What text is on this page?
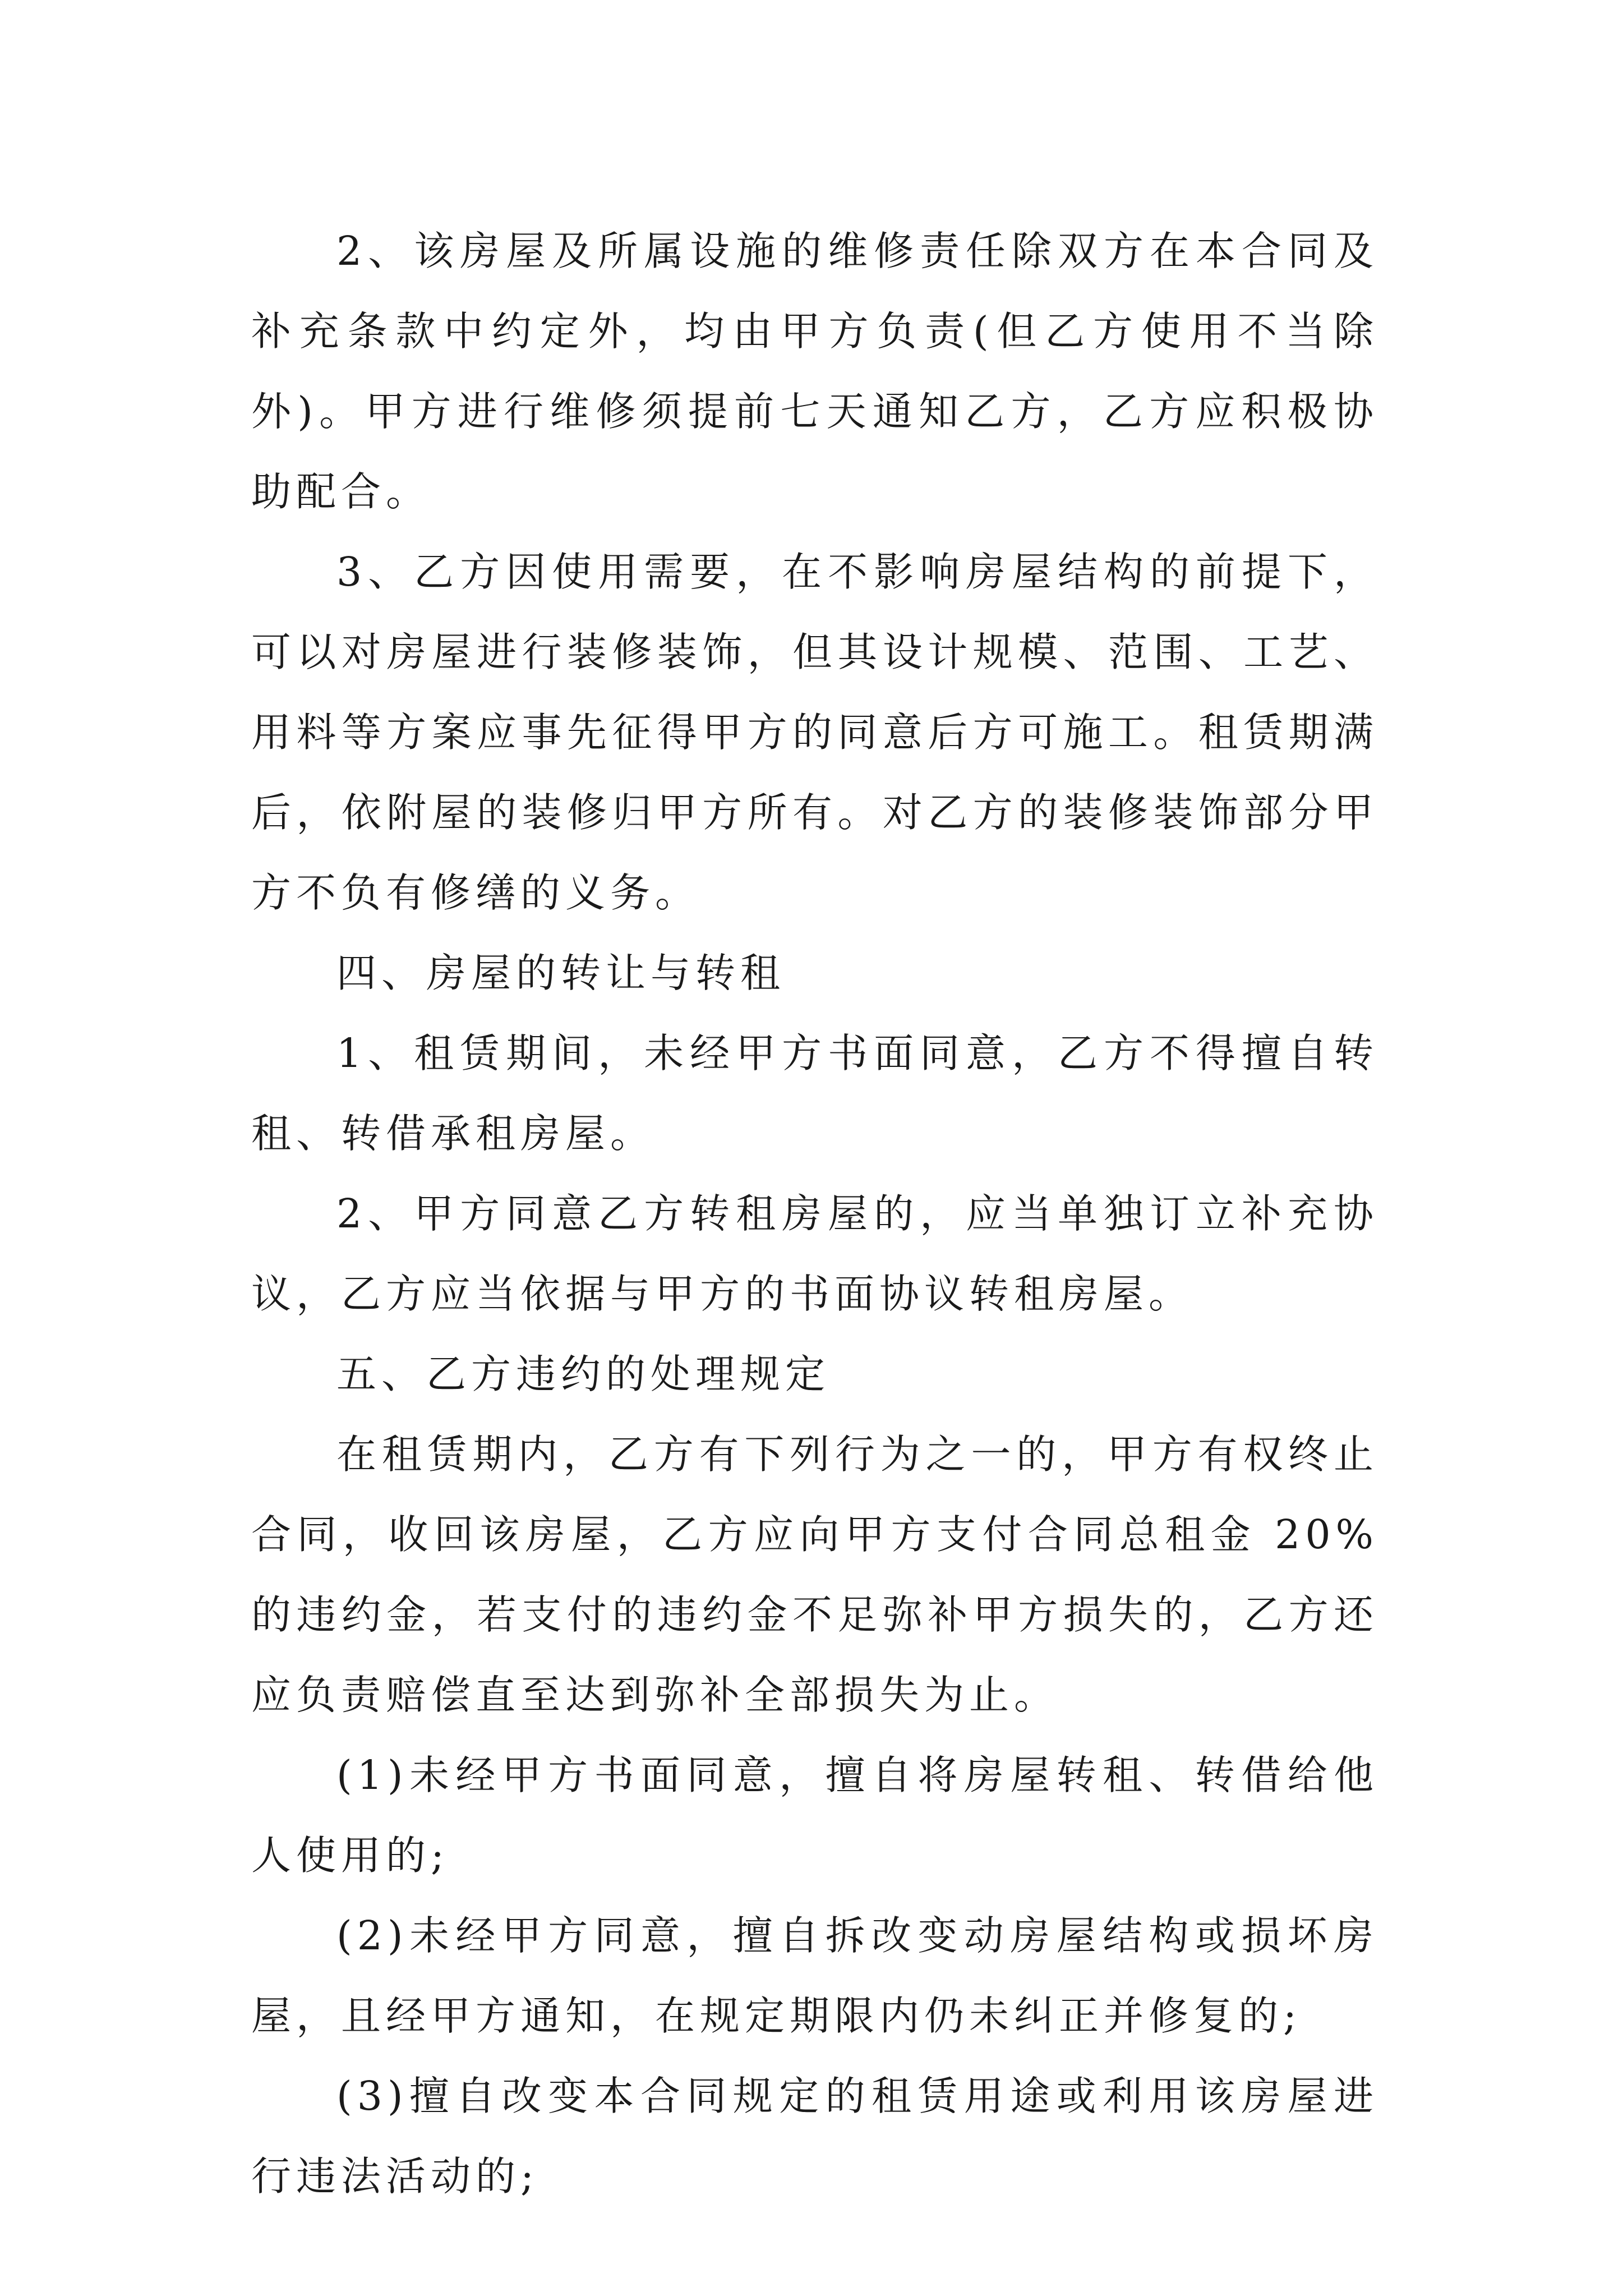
2、该房屋及所属设施的维修责任除双方在本合同及补充条款中约定外，均由甲方负责(但乙方使用不当除外)。甲方进行维修须提前七天通知乙方，乙方应积极协助配合。

3、乙方因使用需要，在不影响房屋结构的前提下，可以对房屋进行装修装饰，但其设计规模、范围、工艺、用料等方案应事先征得甲方的同意后方可施工。租赁期满后，依附屋的装修归甲方所有。对乙方的装修装饰部分甲方不负有修缮的义务。

四、房屋的转让与转租

1、租赁期间，未经甲方书面同意，乙方不得擅自转租、转借承租房屋。

2、甲方同意乙方转租房屋的，应当单独订立补充协议，乙方应当依据与甲方的书面协议转租房屋。

五、乙方违约的处理规定

在租赁期内，乙方有下列行为之一的，甲方有权终止合同，收回该房屋，乙方应向甲方支付合同总租金 20%的违约金，若支付的违约金不足弥补甲方损失的，乙方还应负责赔偿直至达到弥补全部损失为止。

(1)未经甲方书面同意，擅自将房屋转租、转借给他人使用的;

(2)未经甲方同意，擅自拆改变动房屋结构或损坏房屋，且经甲方通知，在规定期限内仍未纠正并修复的;

(3)擅自改变本合同规定的租赁用途或利用该房屋进行违法活动的;
